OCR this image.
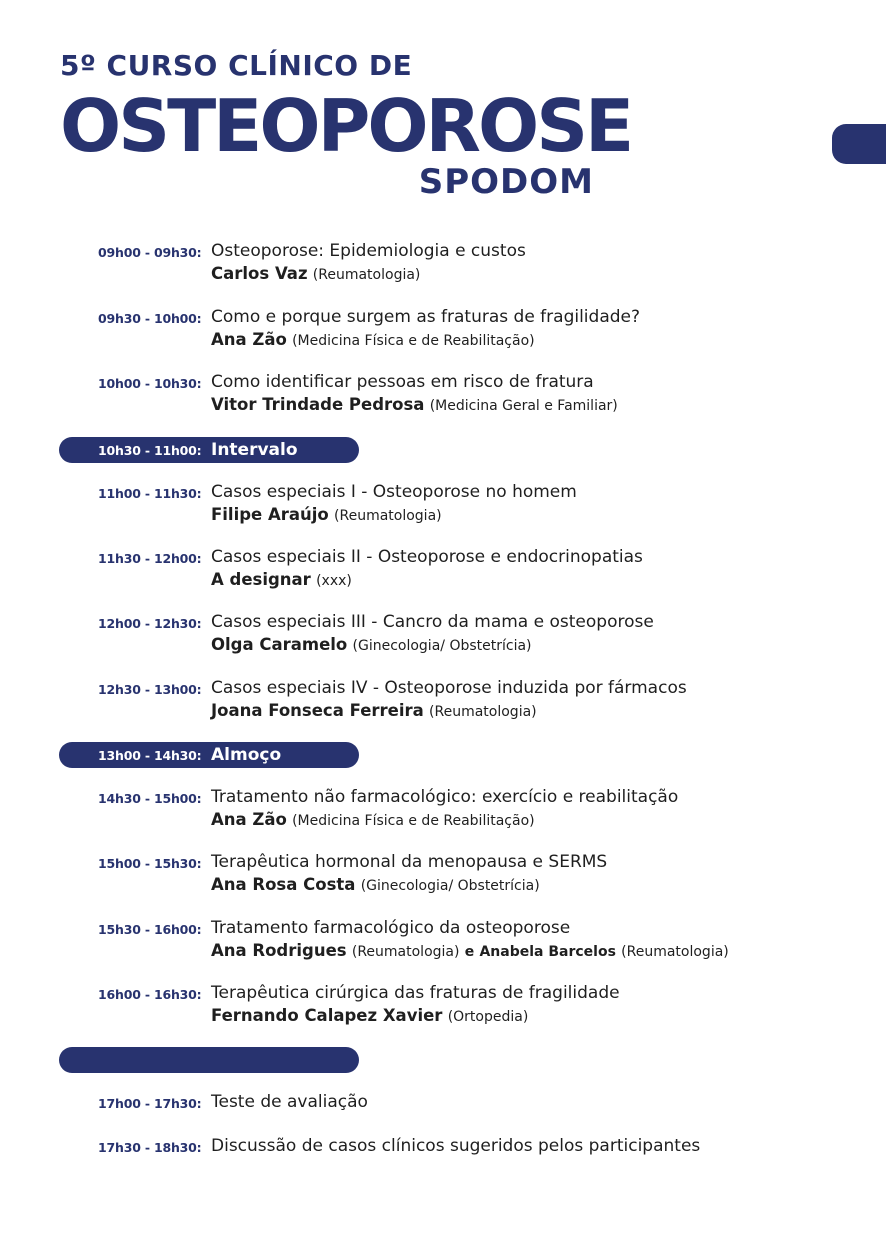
5º CURSO CLÍNICO DE

OSTEOPOROSE

SPODOM

09h00 - 09h30: Osteoporose: Epidemiologia e custos
Carlos Vaz (Reumatologia)
09h30 - 10h00: Como e porque surgem as fraturas de fragilidade?
Ana Zão (Medicina Física e de Reabilitação)
10h00 - 10h30: Como identificar pessoas em risco de fratura
Vitor Trindade Pedrosa (Medicina Geral e Familiar)
10h30 - 11h00: Intervalo
11h00 - 11h30: Casos especiais I - Osteoporose no homem
Filipe Araújo (Reumatologia)
11h30 - 12h00: Casos especiais II - Osteoporose e endocrinopatias
A designar (xxx)
12h00 - 12h30: Casos especiais III - Cancro da mama e osteoporose
Olga Caramelo (Ginecologia/ Obstetrícia)
12h30 - 13h00: Casos especiais IV - Osteoporose induzida por fármacos
Joana Fonseca Ferreira (Reumatologia)
13h00 - 14h30: Almoço
14h30 - 15h00: Tratamento não farmacológico: exercício e reabilitação
Ana Zão (Medicina Física e de Reabilitação)
15h00 - 15h30: Terapêutica hormonal da menopausa e SERMS
Ana Rosa Costa (Ginecologia/ Obstetrícia)
15h30 - 16h00: Tratamento farmacológico da osteoporose
Ana Rodrigues (Reumatologia) e Anabela Barcelos (Reumatologia)
16h00 - 16h30: Terapêutica cirúrgica das fraturas de fragilidade
Fernando Calapez Xavier (Ortopedia)
17h00 - 17h30: Teste de avaliação
17h30 - 18h30: Discussão de casos clínicos sugeridos pelos participantes
